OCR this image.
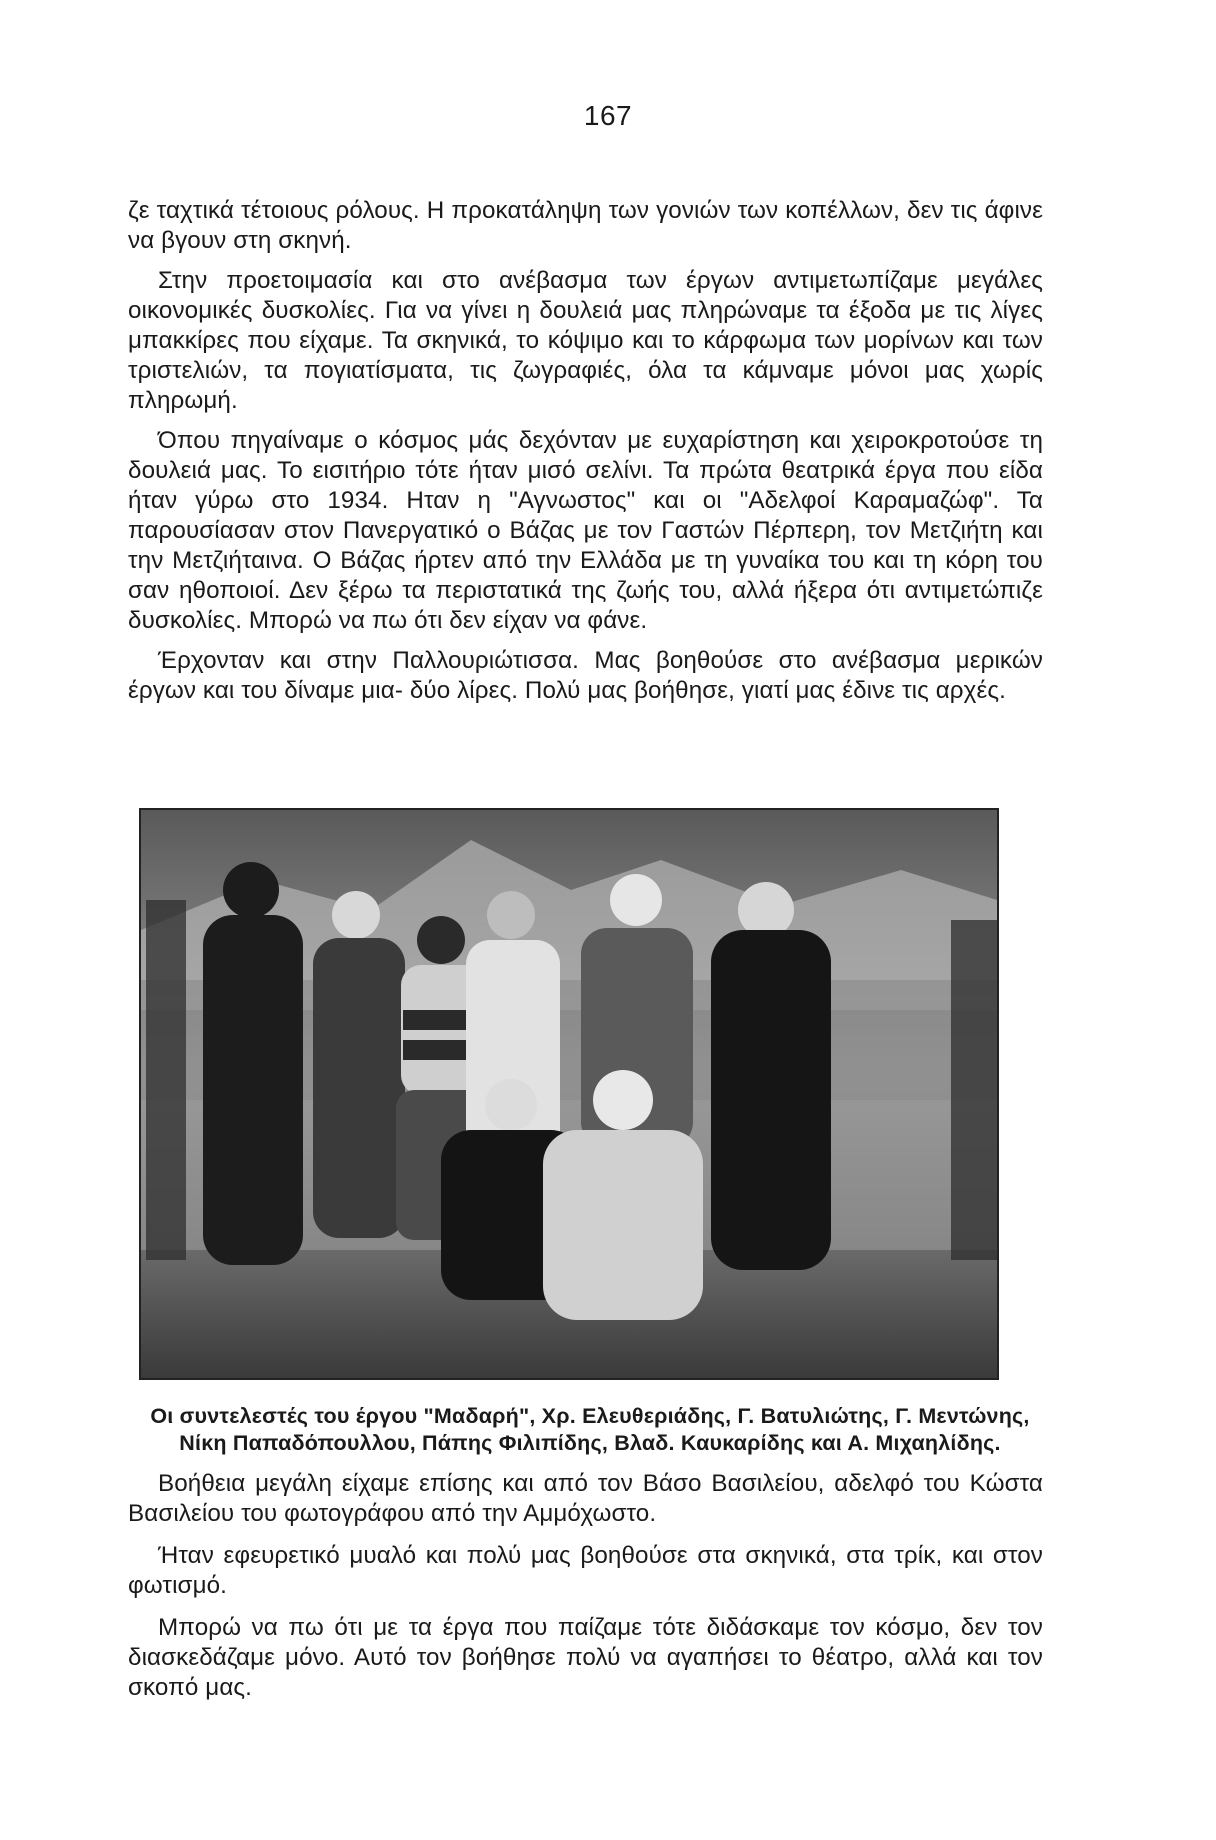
167

ζε ταχτικά τέτοιους ρόλους. Η προκατάληψη των γονιών των κοπέλλων, δεν τις άφινε να βγουν στη σκηνή.

Στην προετοιμασία και στο ανέβασμα των έργων αντιμετωπίζαμε μεγάλες οικονομικές δυσκολίες. Για να γίνει η δουλειά μας πληρώναμε τα έξοδα με τις λίγες μπακκίρες που είχαμε. Τα σκηνικά, το κόψιμο και το κάρφωμα των μορίνων και των τριστελιών, τα πογιατίσματα, τις ζωγραφιές, όλα τα κάμναμε μόνοι μας χωρίς πληρωμή.

Όπου πηγαίναμε ο κόσμος μάς δεχόνταν με ευχαρίστηση και χειροκροτούσε τη δουλειά μας. Το εισιτήριο τότε ήταν μισό σελίνι. Τα πρώτα θεατρικά έργα που είδα ήταν γύρω στο 1934. Ηταν η "Αγνωστος" και οι "Αδελφοί Καραμαζώφ". Τα παρουσίασαν στον Πανεργατικό ο Βάζας με τον Γαστών Πέρπερη, τον Μετζιήτη και την Μετζιήταινα. Ο Βάζας ήρτεν από την Ελλάδα με τη γυναίκα του και τη κόρη του σαν ηθοποιοί. Δεν ξέρω τα περιστατικά της ζωής του, αλλά ήξερα ότι αντιμετώπιζε δυσκολίες. Μπορώ να πω ότι δεν είχαν να φάνε.

Έρχονταν και στην Παλλουριώτισσα. Μας βοηθούσε στο ανέβασμα μερικών έργων και του δίναμε μια- δύο λίρες. Πολύ μας βοήθησε, γιατί μας έδινε τις αρχές.

Οι συντελεστές του έργου "Μαδαρή", Χρ. Ελευθεριάδης, Γ. Βατυλιώτης, Γ. Μεντώνης,
Νίκη Παπαδόπουλλου, Πάπης Φιλιπίδης, Βλαδ. Καυκαρίδης και Α. Μιχαηλίδης.

Βοήθεια μεγάλη είχαμε επίσης και από τον Βάσο Βασιλείου, αδελφό του Κώστα Βασιλείου του φωτογράφου από την Αμμόχωστο.

Ήταν εφευρετικό μυαλό και πολύ μας βοηθούσε στα σκηνικά, στα τρίκ, και στον φωτισμό.

Μπορώ να πω ότι με τα έργα που παίζαμε τότε διδάσκαμε τον κόσμο, δεν τον διασκεδάζαμε μόνο. Αυτό τον βοήθησε πολύ να αγαπήσει το θέατρο, αλλά και τον σκοπό μας.
